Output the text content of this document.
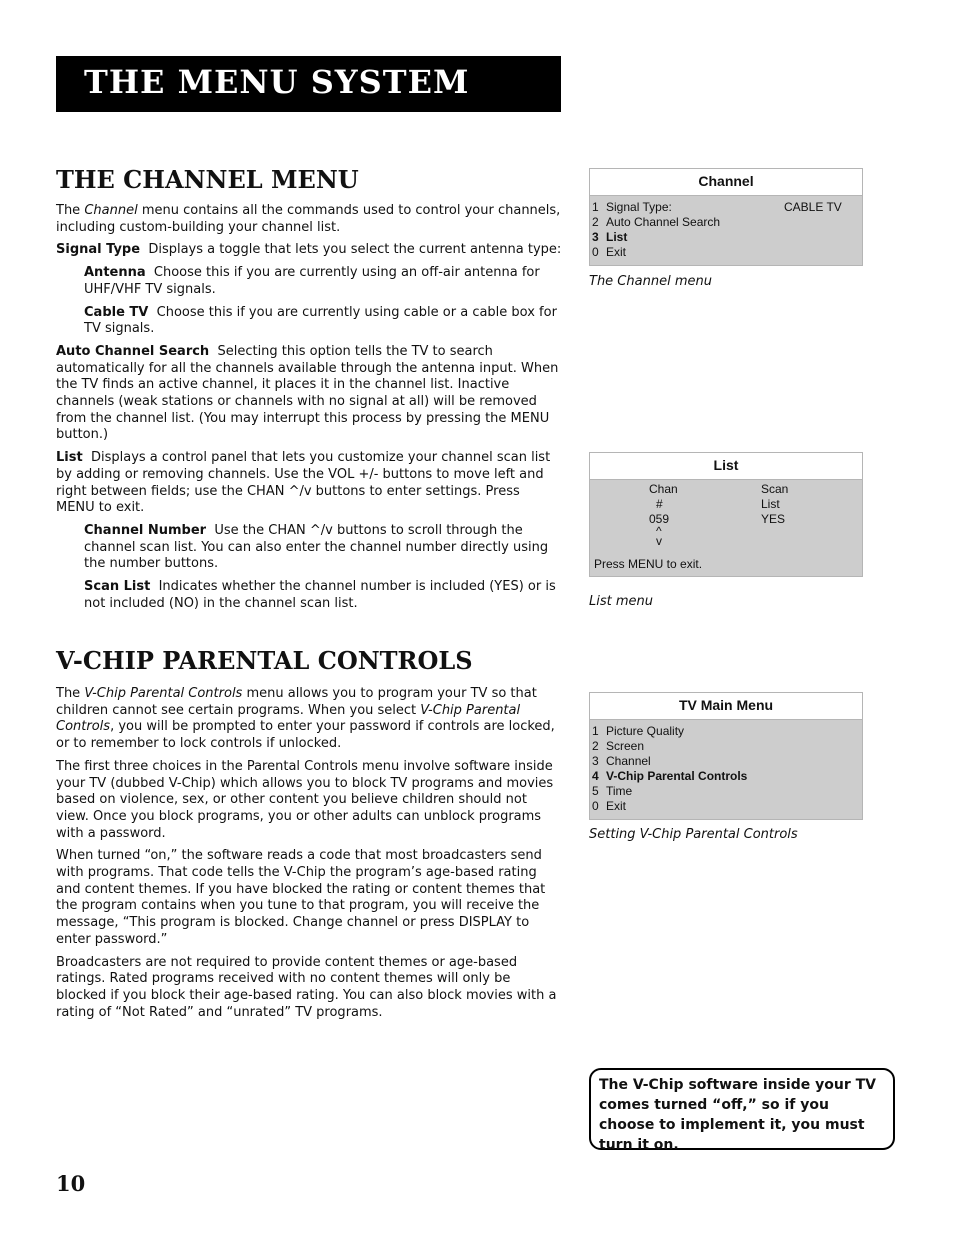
THE MENU SYSTEM
THE CHANNEL MENU

The Channel menu contains all the commands used to control your channels, including custom-building your channel list.

Signal Type Displays a toggle that lets you select the current antenna type:

Antenna Choose this if you are currently using an off-air antenna for UHF/VHF TV signals.

Cable TV Choose this if you are currently using cable or a cable box for TV signals.

Auto Channel Search Selecting this option tells the TV to search automatically for all the channels available through the antenna input. When the TV finds an active channel, it places it in the channel list. Inactive channels (weak stations or channels with no signal at all) will be removed from the channel list. (You may interrupt this process by pressing the MENU button.)

List Displays a control panel that lets you customize your channel scan list by adding or removing channels. Use the VOL +/- buttons to move left and right between fields; use the CHAN ^/v buttons to enter settings. Press MENU to exit.

Channel Number Use the CHAN ^/v buttons to scroll through the channel scan list. You can also enter the channel number directly using the number buttons.

Scan List Indicates whether the channel number is included (YES) or is not included (NO) in the channel scan list.

V-CHIP PARENTAL CONTROLS

The V-Chip Parental Controls menu allows you to program your TV so that children cannot see certain programs. When you select V-Chip Parental Controls, you will be prompted to enter your password if controls are locked, or to remember to lock controls if unlocked.

The first three choices in the Parental Controls menu involve software inside your TV (dubbed V-Chip) which allows you to block TV programs and movies based on violence, sex, or other content you believe children should not view. Once you block programs, you or other adults can unblock programs with a password.

When turned “on,” the software reads a code that most broadcasters send with programs. That code tells the V-Chip the program’s age-based rating and content themes. If you have blocked the rating or content themes that the program contains when you tune to that program, you will receive the message, “This program is blocked. Change channel or press DISPLAY to enter password.”

Broadcasters are not required to provide content themes or age-based ratings. Rated programs received with no content themes will only be blocked if you block their age-based rating. You can also block movies with a rating of “Not Rated” and “unrated” TV programs.

Channel
1 Signal Type:	CABLE TV
2 Auto Channel Search
3 List
0 Exit
The Channel menu
List
Chan
#
059
^
v
Scan
List
YES
Press MENU to exit.
List menu
TV Main Menu
1 Picture Quality
2 Screen
3 Channel
4 V-Chip Parental Controls
5 Time
0 Exit
Setting V-Chip Parental Controls
The V-Chip software inside your TV comes turned “off,” so if you choose to implement it, you must turn it on.
10
